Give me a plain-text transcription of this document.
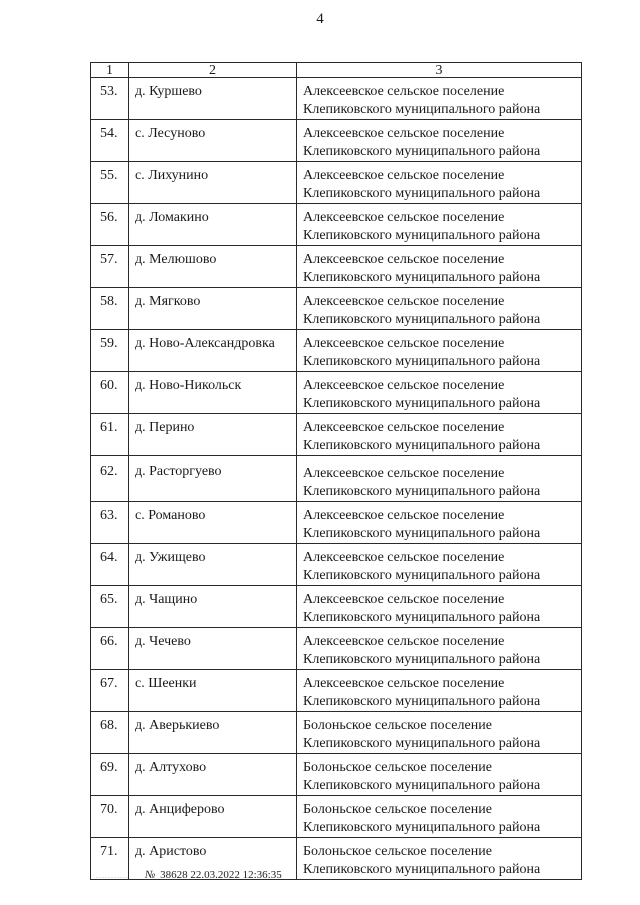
4
1	2	3
53.	д. Куршево	Алексеевское сельское поселение
Клепиковского муниципального района

54.	с. Лесуново	Алексеевское сельское поселение
Клепиковского муниципального района

55.	с. Лихунино	Алексеевское сельское поселение
Клепиковского муниципального района

56.	д. Ломакино	Алексеевское сельское поселение
Клепиковского муниципального района

57.	д. Мелюшово	Алексеевское сельское поселение
Клепиковского муниципального района

58.	д. Мягково	Алексеевское сельское поселение
Клепиковского муниципального района

59.	д. Ново-Александровка	Алексеевское сельское поселение
Клепиковского муниципального района

60.	д. Ново-Никольск	Алексеевское сельское поселение
Клепиковского муниципального района

61.	д. Перино	Алексеевское сельское поселение
Клепиковского муниципального района

62.	д. Расторгуево	Алексеевское сельское поселение
Клепиковского муниципального района

63.	с. Романово	Алексеевское сельское поселение
Клепиковского муниципального района

64.	д. Ужищево	Алексеевское сельское поселение
Клепиковского муниципального района

65.	д. Чащино	Алексеевское сельское поселение
Клепиковского муниципального района

66.	д. Чечево	Алексеевское сельское поселение
Клепиковского муниципального района

67.	с. Шеенки	Алексеевское сельское поселение
Клепиковского муниципального района

68.	д. Аверькиево	Болоньское сельское поселение
Клепиковского муниципального района

69.	д. Алтухово	Болоньское сельское поселение
Клепиковского муниципального района

70.	д. Анциферово	Болоньское сельское поселение
Клепиковского муниципального района

71.	д. Аристово	Болоньское сельское поселение
Клепиковского муниципального района
........... № 38628 22.03.2022 12:36:35
